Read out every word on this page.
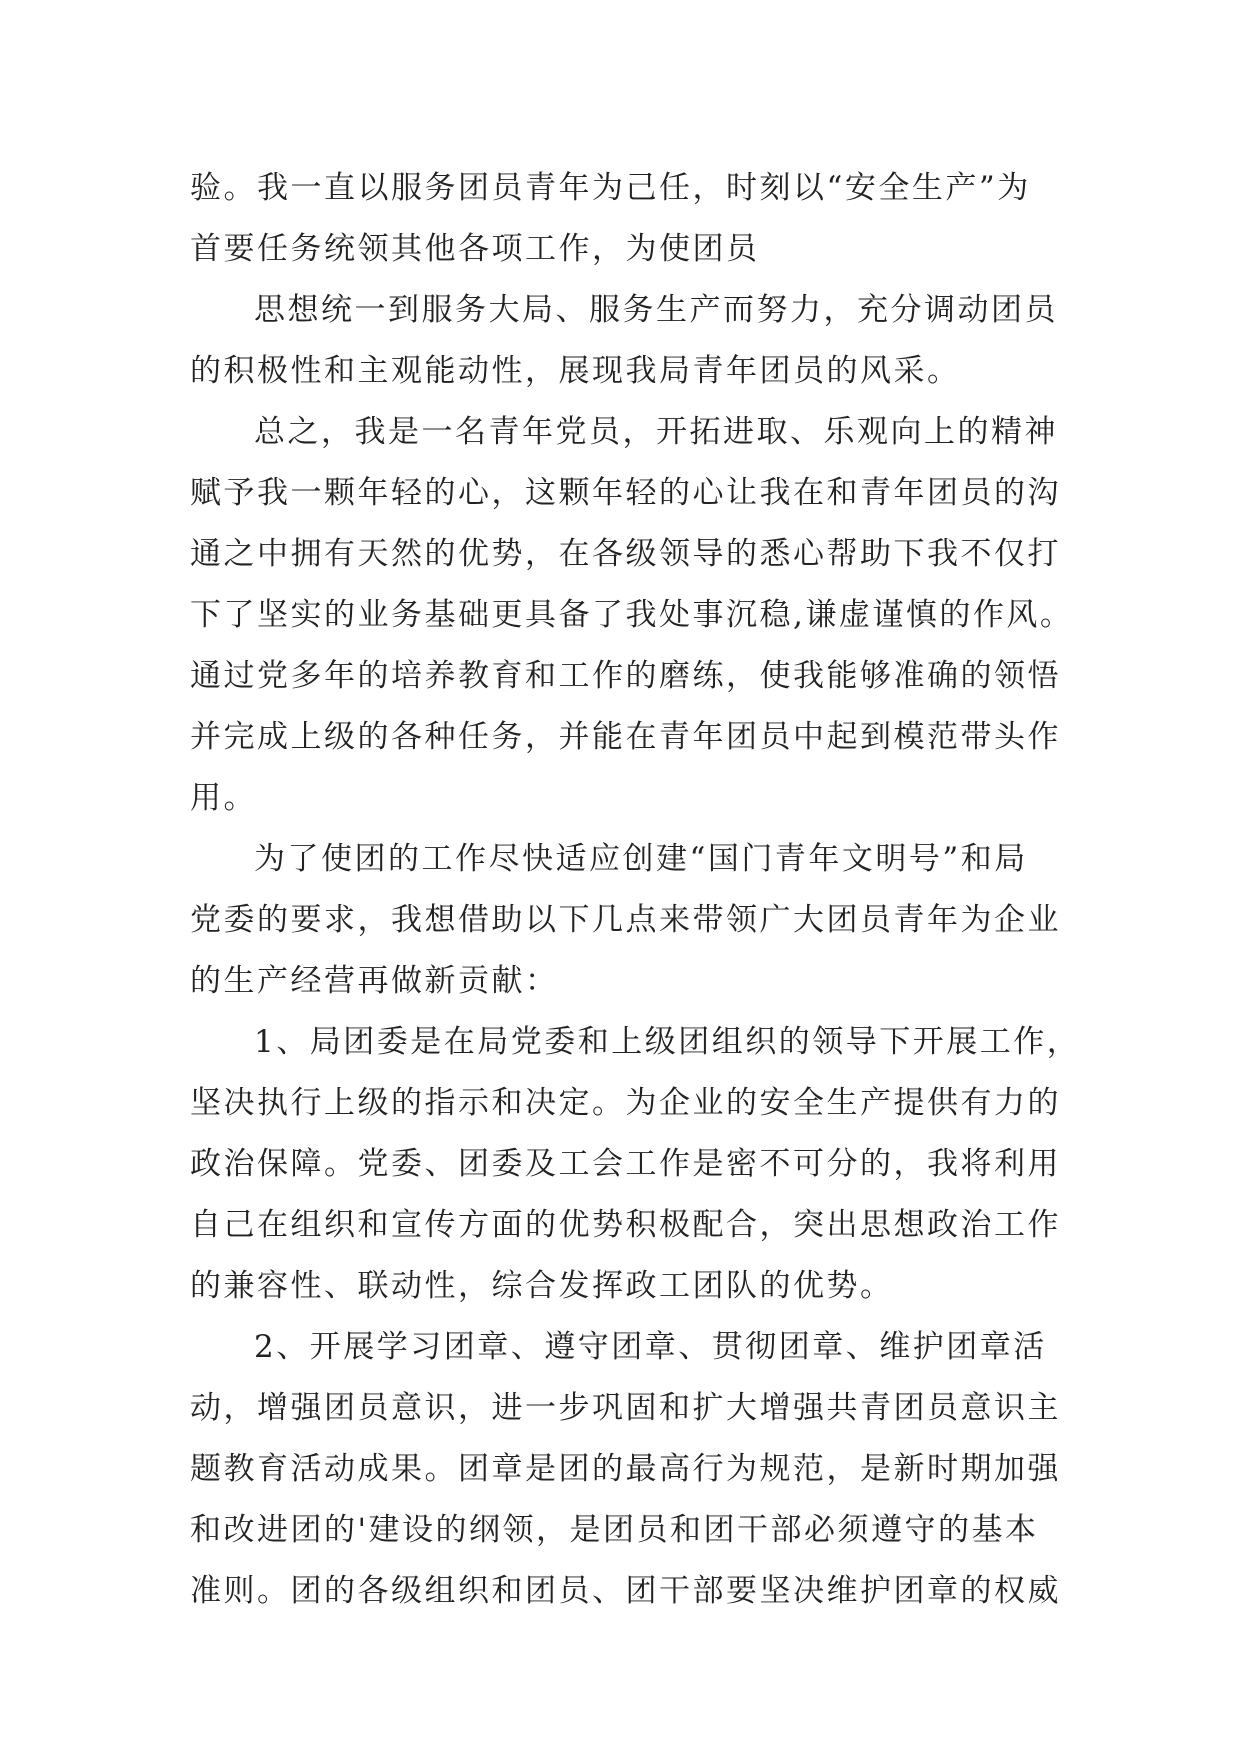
验。我一直以服务团员青年为己任，时刻以“安全生产”为
首要任务统领其他各项工作，为使团员
思想统一到服务大局、服务生产而努力，充分调动团员
的积极性和主观能动性，展现我局青年团员的风采。
总之，我是一名青年党员，开拓进取、乐观向上的精神
赋予我一颗年轻的心，这颗年轻的心让我在和青年团员的沟
通之中拥有天然的优势，在各级领导的悉心帮助下我不仅打
下了坚实的业务基础更具备了我处事沉稳,谦虚谨慎的作风。
通过党多年的培养教育和工作的磨练，使我能够准确的领悟
并完成上级的各种任务，并能在青年团员中起到模范带头作
用。
为了使团的工作尽快适应创建“国门青年文明号”和局
党委的要求，我想借助以下几点来带领广大团员青年为企业
的生产经营再做新贡献：
1、局团委是在局党委和上级团组织的领导下开展工作，
坚决执行上级的指示和决定。为企业的安全生产提供有力的
政治保障。党委、团委及工会工作是密不可分的，我将利用
自己在组织和宣传方面的优势积极配合，突出思想政治工作
的兼容性、联动性，综合发挥政工团队的优势。
2、开展学习团章、遵守团章、贯彻团章、维护团章活
动，增强团员意识，进一步巩固和扩大增强共青团员意识主
题教育活动成果。团章是团的最高行为规范，是新时期加强
和改进团的'建设的纲领，是团员和团干部必须遵守的基本
准则。团的各级组织和团员、团干部要坚决维护团章的权威
